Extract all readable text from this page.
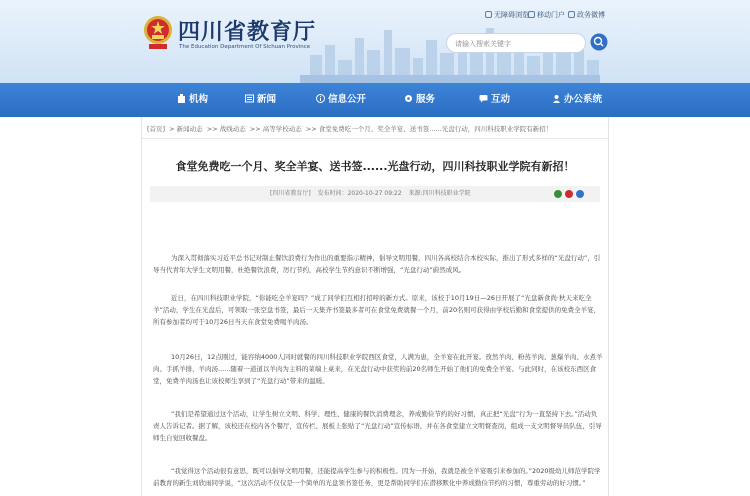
四川省教育厅
The Education Department Of Sichuan Province
无障碍浏览	移动门户	政务微博
请输入搜索关键字
机构	新闻	信息公开	服务	互动	办公系统
[首页] > 新闻动态 >> 战线动态 >> 高等学校动态 >> 食堂免费吃一个月、奖全羊宴、送书签......光盘行动，四川科技职业学院有新招！
食堂免费吃一个月、奖全羊宴、送书签......光盘行动，四川科技职业学院有新招！
[四川省教育厅] 发布时间：2020-10-27 09:22 来源:四川科技职业学院

为深入贯彻落实习近平总书记对制止餐饮浪费行为作出的重要指示精神，倡导文明用餐，四川各高校结合本校实际，推出了形式多样的“光盘行动”，引导当代青年大学生文明用餐，杜绝餐饮浪费，厉行节约，高校学生节约意识不断增强，“光盘行动”蔚然成风。

近日，在四川科技职业学院，“你能吃全羊宴吗？”成了同学们互相打招呼的新方式。原来，该校于10月19日—26日开展了“光盘新食尚·秋天来吃全羊”活动，学生在光盘后，可领取一张空盘书签，最后一天集齐书签最多者可在食堂免费就餐一个月，前20名则可获得由学校后勤和食堂提供的免费全羊宴，所有参加者均可于10月26日当天在食堂免费喝羊肉汤。

10月26日，12点刚过，能容纳4000人同时就餐的四川科技职业学院西区食堂，人满为患，全羊宴在此开宴。孜然羊肉、粉蒸羊肉、葱爆羊肉、水煮羊肉、手抓羊排、羊肉汤......随着一道道以羊肉为主料的菜端上桌来，在光盘行动中获奖的前20名师生开始了他们的免费全羊宴。与此同时，在该校东西区食堂，免费羊肉汤也让该校师生享到了“光盘行动”带来的温暖。

“我们是希望通过这个活动，让学生树立文明、科学、理性、健康的餐饮消费理念，养成勤俭节约的好习惯，真正把“光盘”行为一直坚持下去。”活动负责人告诉记者。据了解，该校还在校内各个餐厅，宣传栏、展板上张贴了“光盘行动”宣传标语，并在各食堂建立文明督查岗，组成一支文明督导员队伍，引导师生自觉回收餐盘。

“我觉得这个活动很有意思，既可以倡导文明用餐，还能提高学生参与的积极性。因为一开始，我就是被全羊宴吸引来参加的。”2020级幼儿师范学院学前教育的新生刘欣雨同学说，“这次活动不仅仅是一个简单的光盘领书签任务，更是帮助同学们在潜移默化中养成勤俭节约的习惯，尊重劳动的好习惯。”
